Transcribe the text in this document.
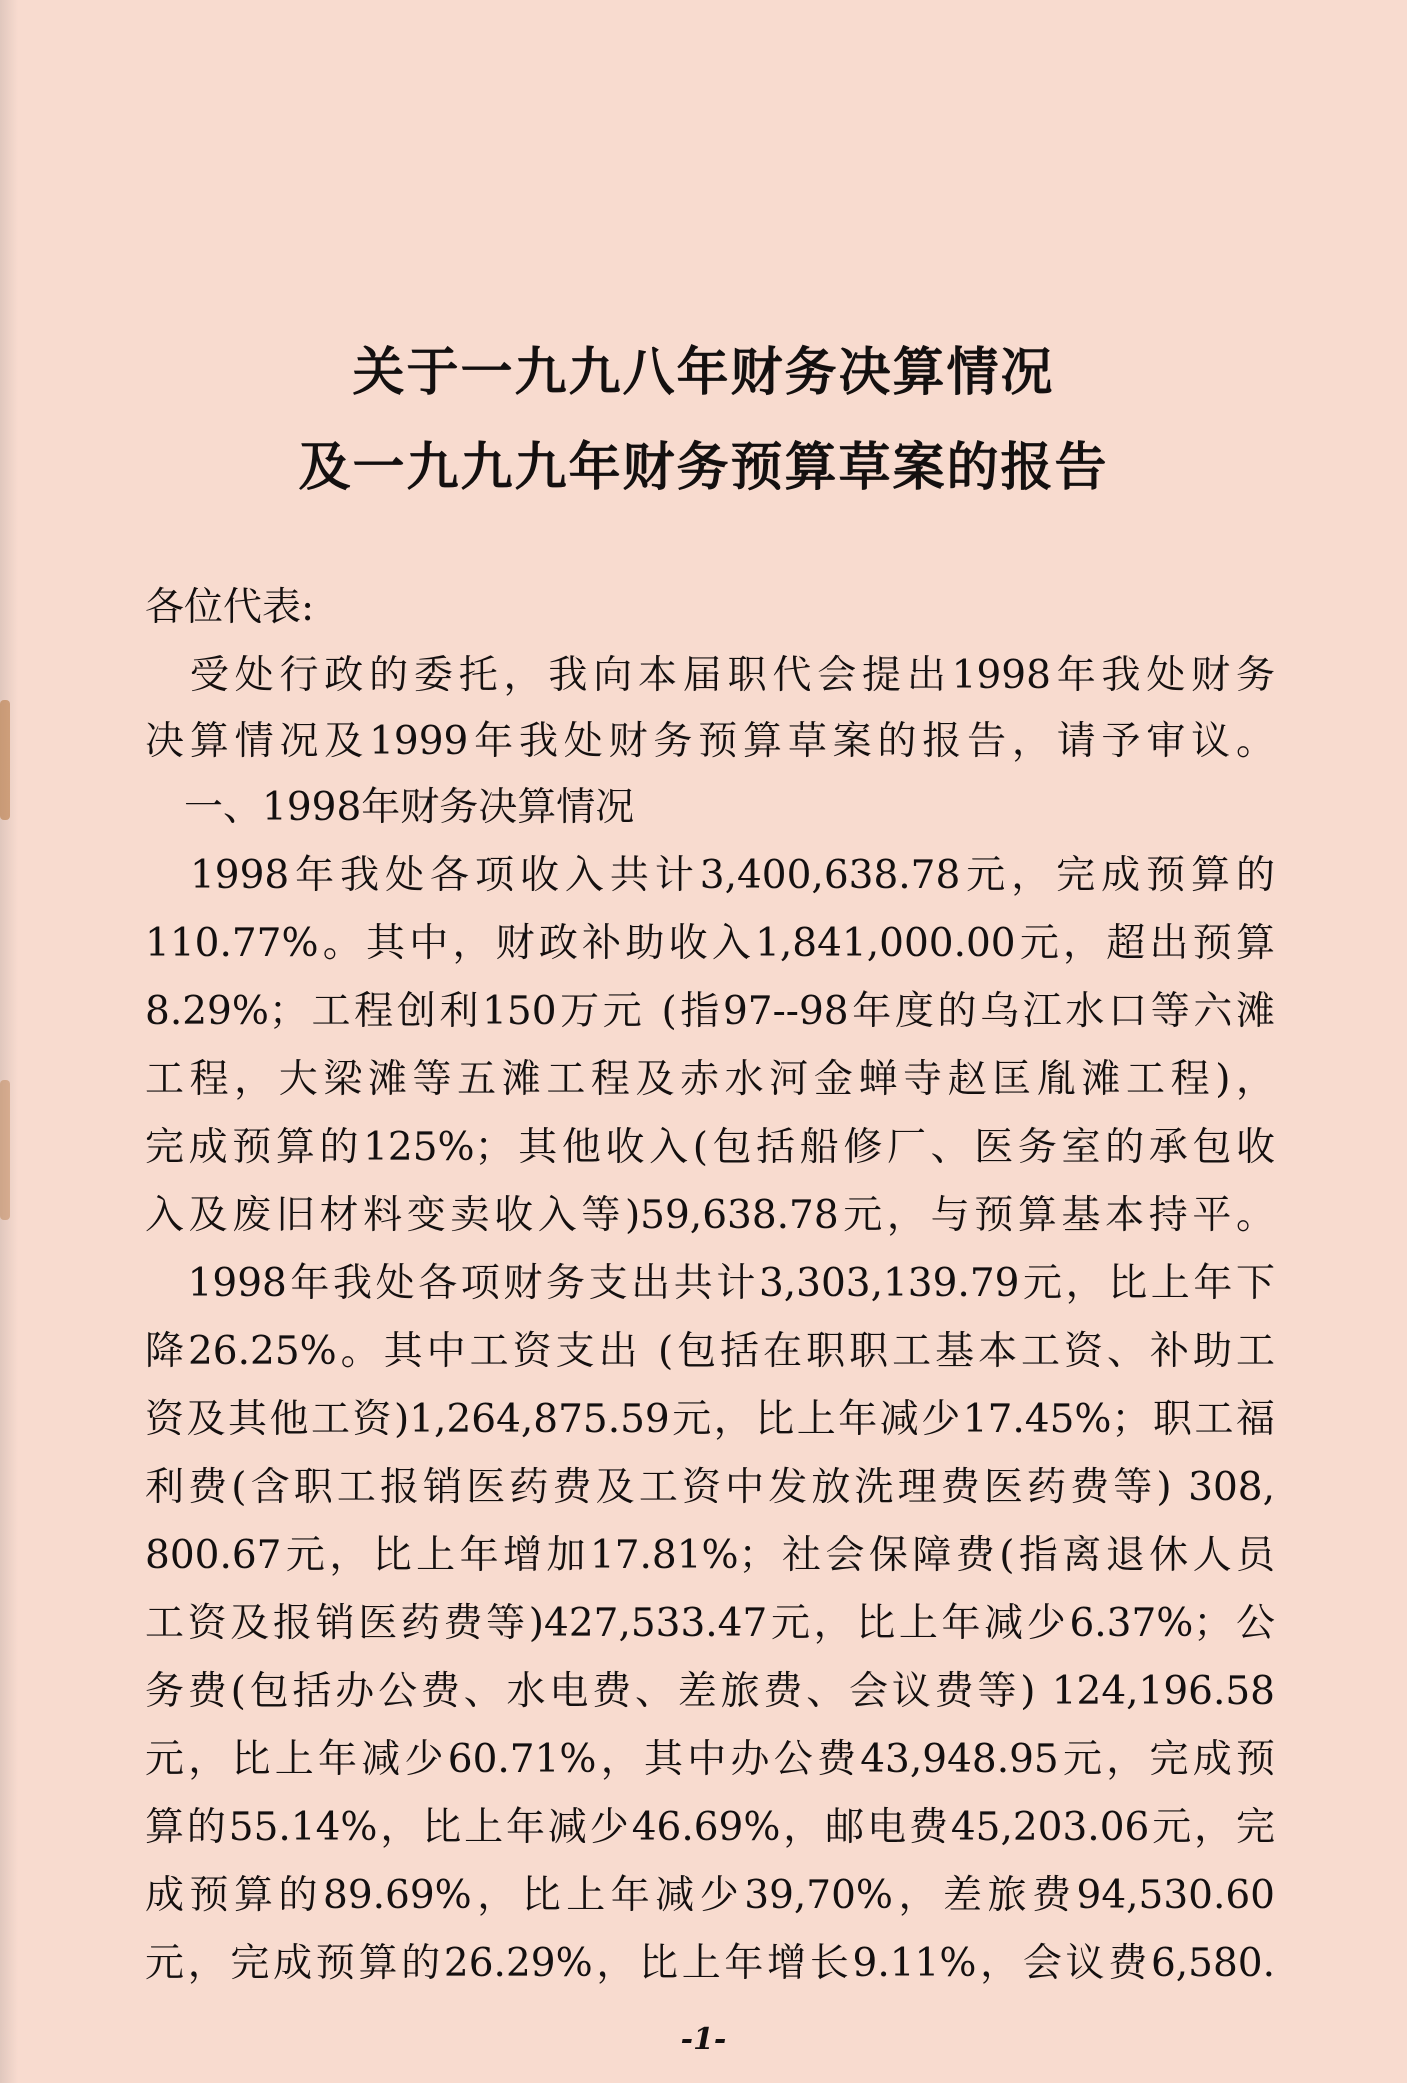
关于一九九八年财务决算情况
及一九九九年财务预算草案的报告
各位代表:
　受处行政的委托，我向本届职代会提出1998年我处财务
决算情况及1999年我处财务预算草案的报告，请予审议。
　一、1998年财务决算情况
　1998年我处各项收入共计3,400,638.78元，完成预算的
110.77%。其中，财政补助收入1,841,000.00元，超出预算
8.29%；工程创利150万元 (指97--98年度的乌江水口等六滩
工程，大梁滩等五滩工程及赤水河金蝉寺赵匡胤滩工程)，
完成预算的125%；其他收入(包括船修厂、医务室的承包收
入及废旧材料变卖收入等)59,638.78元，与预算基本持平。
　1998年我处各项财务支出共计3,303,139.79元，比上年下
降26.25%。其中工资支出 (包括在职职工基本工资、补助工
资及其他工资)1,264,875.59元，比上年减少17.45%；职工福
利费(含职工报销医药费及工资中发放洗理费医药费等) 308,
800.67元，比上年增加17.81%；社会保障费(指离退休人员
工资及报销医药费等)427,533.47元，比上年减少6.37%；公
务费(包括办公费、水电费、差旅费、会议费等) 124,196.58
元，比上年减少60.71%，其中办公费43,948.95元，完成预
算的55.14%，比上年减少46.69%，邮电费45,203.06元，完
成预算的89.69%，比上年减少39,70%，差旅费94,530.60
元，完成预算的26.29%，比上年增长9.11%，会议费6,580.
-1-
